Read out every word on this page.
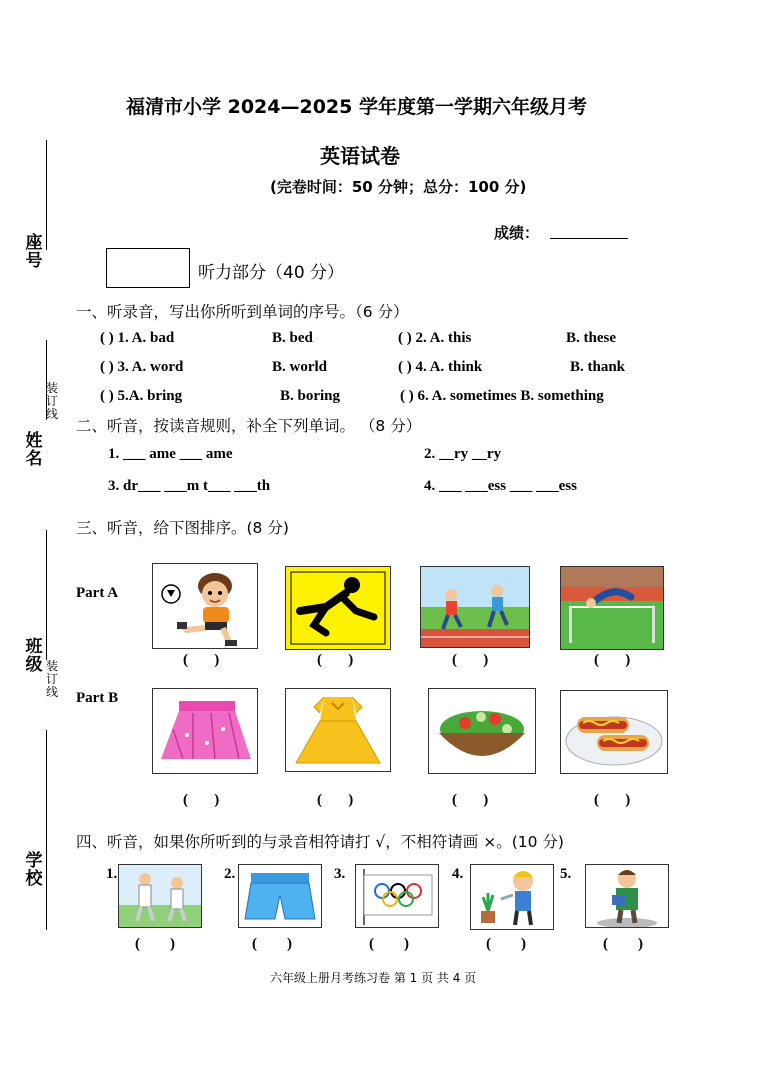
座号
装
订
线
姓名
班级 装
订
线
学校
福清市小学 2024—2025 学年度第一学期六年级月考
英语试卷
(完卷时间：50 分钟；总分：100 分)
成绩：
听力部分（40 分）
一、听录音，写出你所听到单词的序号。（6 分）
( ) 1. A. bad	B. bed	( ) 2. A. this	B. these
( ) 3. A. word	B. world	( ) 4. A. think	B. thank
( ) 5.A. bring	B. boring	( ) 6. A. sometimes B. something
二、听音，按读音规则，补全下列单词。 （8 分）
1. ___ ame ___ ame	2. __ry __ry
3. dr___ ___m t___ ___th	4. ___ ___ess ___ ___ess
三、听音，给下图排序。(8 分)
Part A
Part B
(       )	(       )	(       )	(       )
(       )	(       )	(       )	(       )
四、听音，如果你所听到的与录音相符请打 √，不相符请画 ×。(10 分)
1.	2.	3.	4.	5.
(        )	(        )	(        )	(        )	(        )
六年级上册月考练习卷 第 1 页 共 4 页
